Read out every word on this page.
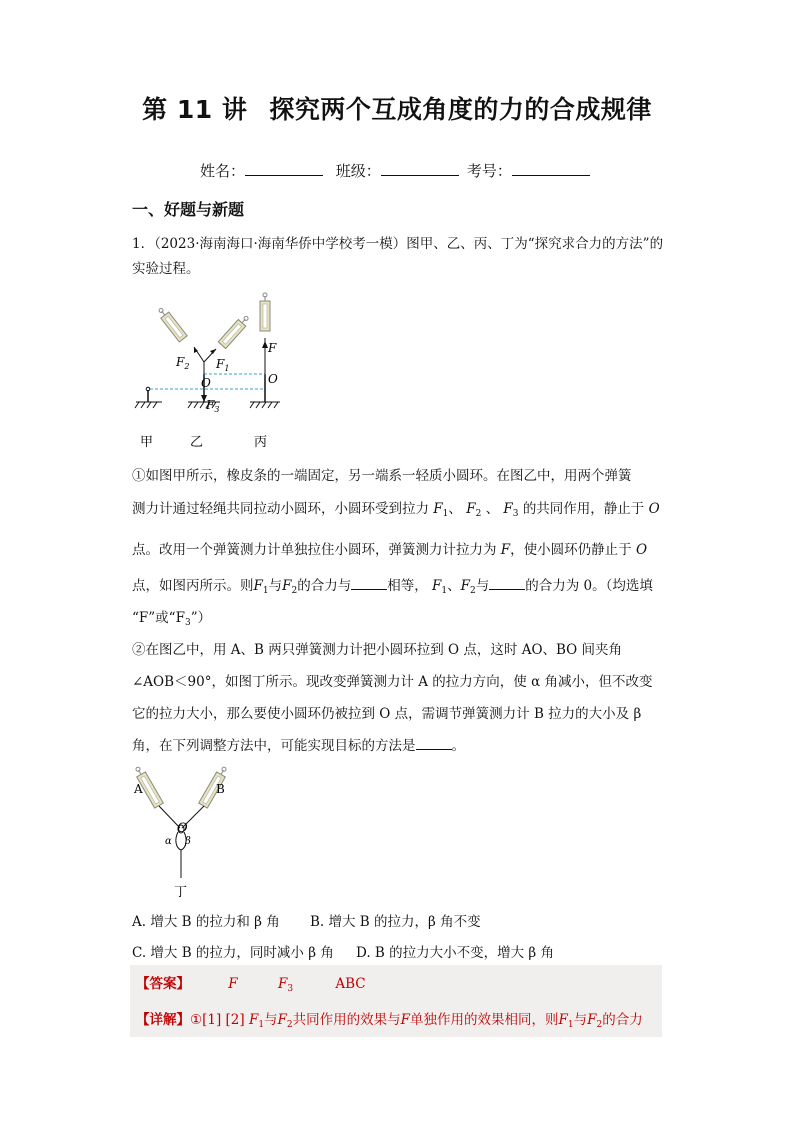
第 11 讲 探究两个互成角度的力的合成规律
姓名：	班级：	考号：
一、好题与新题
1．（2023·海南海口·海南华侨中学校考一模）图甲、乙、丙、丁为“探究求合力的方法”的实验过程。
$F_2$ $F_1$
O
$F_3$
F
O
甲	乙	丙
①如图甲所示，橡皮条的一端固定，另一端系一轻质小圆环。在图乙中，用两个弹簧
测力计通过轻绳共同拉动小圆环，小圆环受到拉力 $F_1$、 $F_2$ 、 $F_3$ 的共同作用，静止于 O
点。改用一个弹簧测力计单独拉住小圆环，弹簧测力计拉力为 F，使小圆环仍静止于 O
点，如图丙所示。则$F_1$与$F_2$的合力与	相等， $F_1$、$F_2$与	的合力为 0。（均选填
“F”或“$F_3$”）
②在图乙中，用 A、B 两只弹簧测力计把小圆环拉到 O 点，这时 AO、BO 间夹角
∠AOB＜90°，如图丁所示。现改变弹簧测力计 A 的拉力方向，使 α 角减小，但不改变
它的拉力大小，那么要使小圆环仍被拉到 O 点，需调节弹簧测力计 B 拉力的大小及 β
角，在下列调整方法中，可能实现目标的方法是	。
A	B
O
α β
丁
A. 增大 B 的拉力和 β 角 B. 增大 B 的拉力，β 角不变
C. 增大 B 的拉力，同时减小 β 角 D. B 的拉力大小不变，增大 β 角
【答案】	F	$F_3$	ABC
【详解】①[1] [2] $F_1$与$F_2$共同作用的效果与F单独作用的效果相同，则$F_1$与$F_2$的合力
